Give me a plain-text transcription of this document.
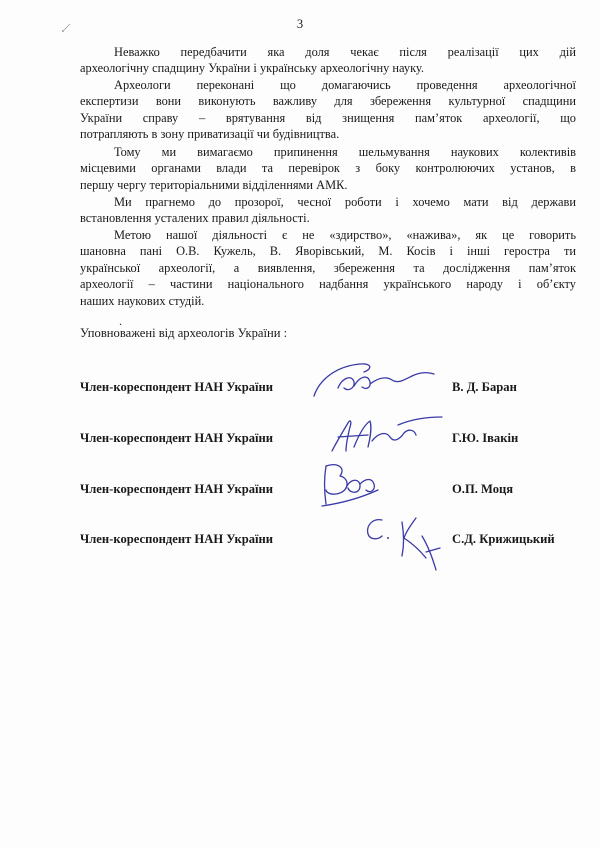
3

Неважко передбачити яка доля чекає після реалізації цих дій
археологічну спадщину України і українську археологічну науку.

Археологи переконані що домагаючись проведення археологічної
експертизи вони виконують важливу для збереження культурної спадщини
України справу – врятування від знищення пам’яток археології, що
потрапляють в зону приватизації чи будівництва.

Тому ми вимагаємо припинення шельмування наукових колективів
місцевими органами влади та перевірок з боку контролюючих установ, в
першу чергу територіальними відділеннями АМК.

Ми прагнемо до прозорої, чесної роботи і хочемо мати від держави
встановлення усталених правил діяльності.

Метою нашої діяльності є не «здирство», «нажива», як це говорить
шановна пані О.В. Кужель, В. Яворівський, М. Косів і інші геростра ти
української археології, а виявлення, збереження та дослідження пам’яток
археології – частини національного надбання українського народу і об’єкту
наших наукових студій.

.
Уповноважені від археологів України :
Член-кореспондент НАН України	В. Д. Баран
Член-кореспондент НАН України	Г.Ю. Івакін
Член-кореспондент НАН України	О.П. Моця
Член-кореспондент НАН України	С.Д. Крижицький
